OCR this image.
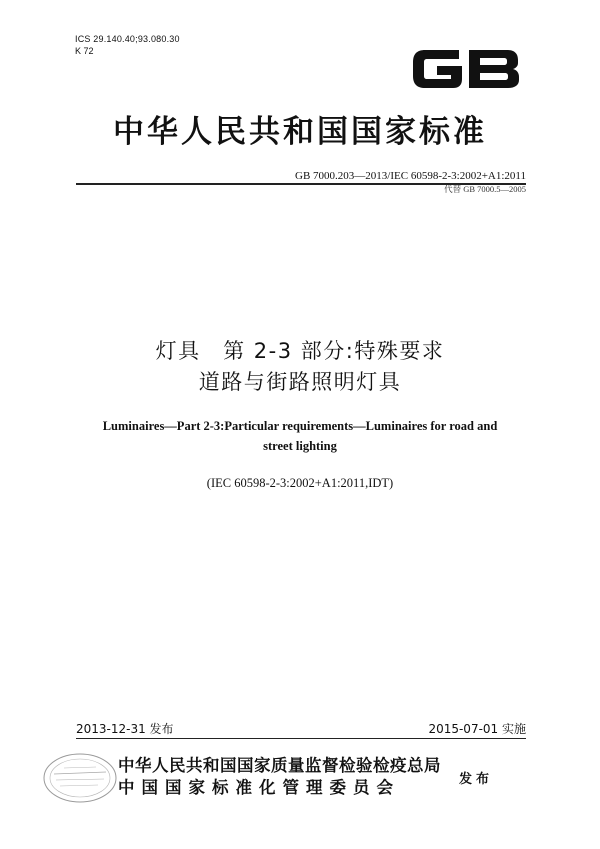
ICS 29.140.40;93.080.30
K 72
中华人民共和国国家标准
GB 7000.203—2013/IEC 60598-2-3:2002+A1:2011
代替 GB 7000.5—2005
灯具　第 2-3 部分:特殊要求
道路与街路照明灯具
Luminaires—Part 2-3:Particular requirements—Luminaires for road and
street lighting
(IEC 60598-2-3:2002+A1:2011,IDT)
2013-12-31 发布	2015-07-01 实施
中华人民共和国国家质量监督检验检疫总局
中国国家标准化管理委员会	发布
